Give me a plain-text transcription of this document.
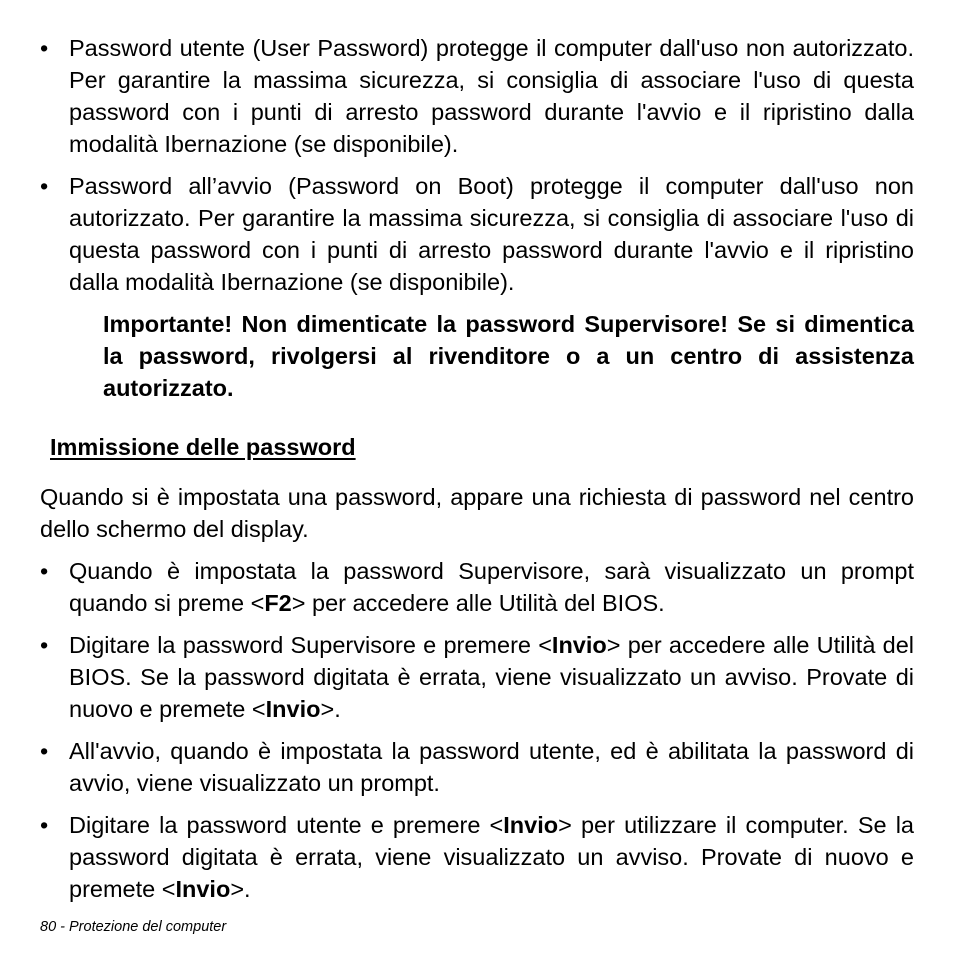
• Password utente (User Password) protegge il computer dall'uso non autorizzato. Per garantire la massima sicurezza, si consiglia di associare l'uso di questa password con i punti di arresto password durante l'avvio e il ripristino dalla modalità Ibernazione (se disponibile).
• Password all’avvio (Password on Boot) protegge il computer dall'uso non autorizzato. Per garantire la massima sicurezza, si consiglia di associare l'uso di questa password con i punti di arresto password durante l'avvio e il ripristino dalla modalità Ibernazione (se disponibile).
Importante! Non dimenticate la password Supervisore! Se si dimentica la password, rivolgersi al rivenditore o a un centro di assistenza autorizzato.
Immissione delle password
Quando si è impostata una password, appare una richiesta di password nel centro dello schermo del display.
• Quando è impostata la password Supervisore, sarà visualizzato un prompt quando si preme <F2> per accedere alle Utilità del BIOS.
• Digitare la password Supervisore e premere <Invio> per accedere alle Utilità del BIOS. Se la password digitata è errata, viene visualizzato un avviso. Provate di nuovo e premete <Invio>.
• All'avvio, quando è impostata la password utente, ed è abilitata la password di avvio, viene visualizzato un prompt.
• Digitare la password utente e premere <Invio> per utilizzare il computer. Se la password digitata è errata, viene visualizzato un avviso. Provate di nuovo e premete <Invio>.
80 - Protezione del computer
